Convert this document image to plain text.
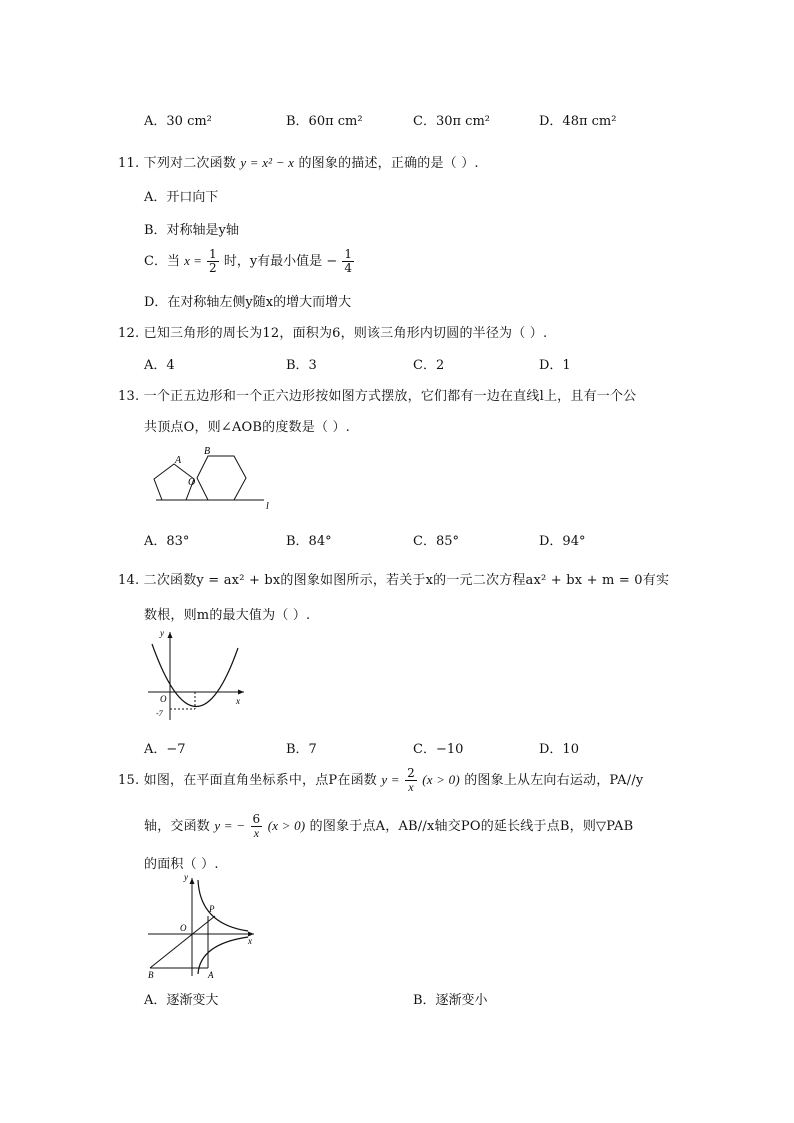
A．30 cm²	B．60π cm²	C．30π cm²	D．48π cm²
11. 下列对二次函数 y = x² − x 的图象的描述，正确的是（ ）.
A．开口向下
B．对称轴是y轴
C．当 $x = \frac{1}{2}$ 时，y有最小值是 − $\frac{1}{4}$
D．在对称轴左侧y随x的增大而增大
12. 已知三角形的周长为12，面积为6，则该三角形内切圆的半径为（ ）.
A．4	B．3	C．2	D．1
13. 一个正五边形和一个正六边形按如图方式摆放，它们都有一边在直线l上，且有一个公
共顶点O，则∠AOB的度数是（ ）.
A
B
O
l
A．83°	B．84°	C．85°	D．94°
14. 二次函数y = ax² + bx的图象如图所示，若关于x的一元二次方程ax² + bx + m = 0有实
数根，则m的最大值为（ ）.
y
x
O
-7
A．−7	B．7	C．−10	D．10
15. 如图，在平面直角坐标系中，点P在函数 $y = \frac{2}{x} (x > 0)$ 的图象上从左向右运动，PA//y
轴，交函数 y = − $\frac{6}{x} (x > 0)$ 的图象于点A，AB//x轴交PO的延长线于点B，则▽PAB
的面积（ ）.
y
x
O
P
A
B
A．逐渐变大	B．逐渐变小
